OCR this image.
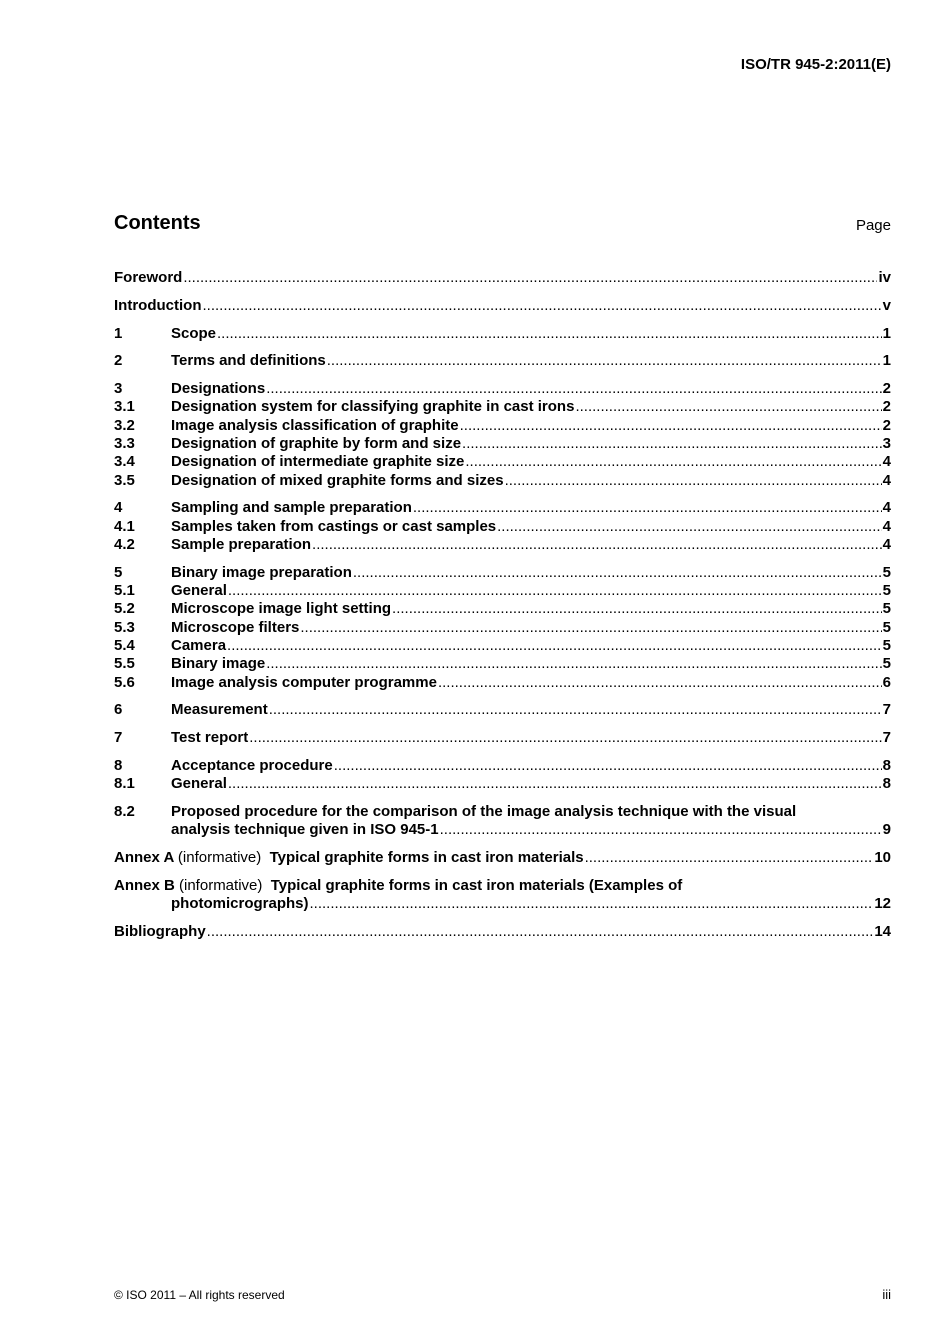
ISO/TR 945-2:2011(E)
Contents	Page
Foreword .....	iv
Introduction .....	v
1	Scope .....	1
2	Terms and definitions .....	1
3	Designations .....	2
3.1	Designation system for classifying graphite in cast irons .....	2
3.2	Image analysis classification of graphite .....	2
3.3	Designation of graphite by form and size .....	3
3.4	Designation of intermediate graphite size .....	4
3.5	Designation of mixed graphite forms and sizes .....	4
4	Sampling and sample preparation .....	4
4.1	Samples taken from castings or cast samples .....	4
4.2	Sample preparation .....	4
5	Binary image preparation .....	5
5.1	General .....	5
5.2	Microscope image light setting .....	5
5.3	Microscope filters .....	5
5.4	Camera .....	5
5.5	Binary image .....	5
5.6	Image analysis computer programme .....	6
6	Measurement .....	7
7	Test report .....	7
8	Acceptance procedure .....	8
8.1	General .....	8
8.2	Proposed procedure for the comparison of the image analysis technique with the visual
analysis technique given in ISO 945-1 .....	9
Annex A (informative) Typical graphite forms in cast iron materials .....	10
Annex B (informative) Typical graphite forms in cast iron materials (Examples of
photomicrographs) .....	12
Bibliography .....	14
© ISO 2011 – All rights reserved	iii
